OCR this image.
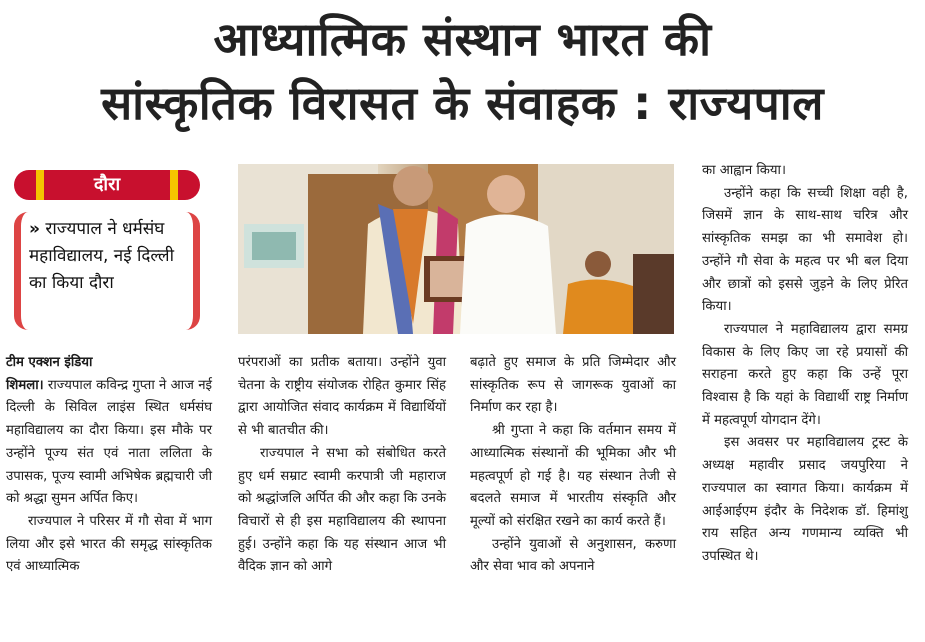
आध्यात्मिक संस्थान भारत की
सांस्कृतिक विरासत के संवाहक : राज्यपाल
दौरा
» राज्यपाल ने धर्मसंघ महाविद्यालय, नई दिल्ली का किया दौरा

टीम एक्शन इंडिया

शिमला। राज्यपाल कविन्द्र गुप्ता ने आज नई दिल्ली के सिविल लाइंस स्थित धर्मसंघ महाविद्यालय का दौरा किया। इस मौके पर उन्होंने पूज्य संत एवं नाता ललिता के उपासक, पूज्य स्वामी अभिषेक ब्रह्मचारी जी को श्रद्धा सुमन अर्पित किए।

राज्यपाल ने परिसर में गौ सेवा में भाग लिया और इसे भारत की समृद्ध सांस्कृतिक एवं आध्यात्मिक

परंपराओं का प्रतीक बताया। उन्होंने युवा चेतना के राष्ट्रीय संयोजक रोहित कुमार सिंह द्वारा आयोजित संवाद कार्यक्रम में विद्यार्थियों से भी बातचीत की।

राज्यपाल ने सभा को संबोधित करते हुए धर्म सम्राट स्वामी करपात्री जी महाराज को श्रद्धांजलि अर्पित की और कहा कि उनके विचारों से ही इस महाविद्यालय की स्थापना हुई। उन्होंने कहा कि यह संस्थान आज भी वैदिक ज्ञान को आगे

बढ़ाते हुए समाज के प्रति जिम्मेदार और सांस्कृतिक रूप से जागरूक युवाओं का निर्माण कर रहा है।

श्री गुप्ता ने कहा कि वर्तमान समय में आध्यात्मिक संस्थानों की भूमिका और भी महत्वपूर्ण हो गई है। यह संस्थान तेजी से बदलते समाज में भारतीय संस्कृति और मूल्यों को संरक्षित रखने का कार्य करते हैं।

उन्होंने युवाओं से अनुशासन, करुणा और सेवा भाव को अपनाने

का आह्वान किया।

उन्होंने कहा कि सच्ची शिक्षा वही है, जिसमें ज्ञान के साथ-साथ चरित्र और सांस्कृतिक समझ का भी समावेश हो। उन्होंने गौ सेवा के महत्व पर भी बल दिया और छात्रों को इससे जुड़ने के लिए प्रेरित किया।

राज्यपाल ने महाविद्यालय द्वारा समग्र विकास के लिए किए जा रहे प्रयासों की सराहना करते हुए कहा कि उन्हें पूरा विश्वास है कि यहां के विद्यार्थी राष्ट्र निर्माण में महत्वपूर्ण योगदान देंगे।

इस अवसर पर महाविद्यालय ट्रस्ट के अध्यक्ष महावीर प्रसाद जयपुरिया ने राज्यपाल का स्वागत किया। कार्यक्रम में आईआईएम इंदौर के निदेशक डॉ. हिमांशु राय सहित अन्य गणमान्य व्यक्ति भी उपस्थित थे।
